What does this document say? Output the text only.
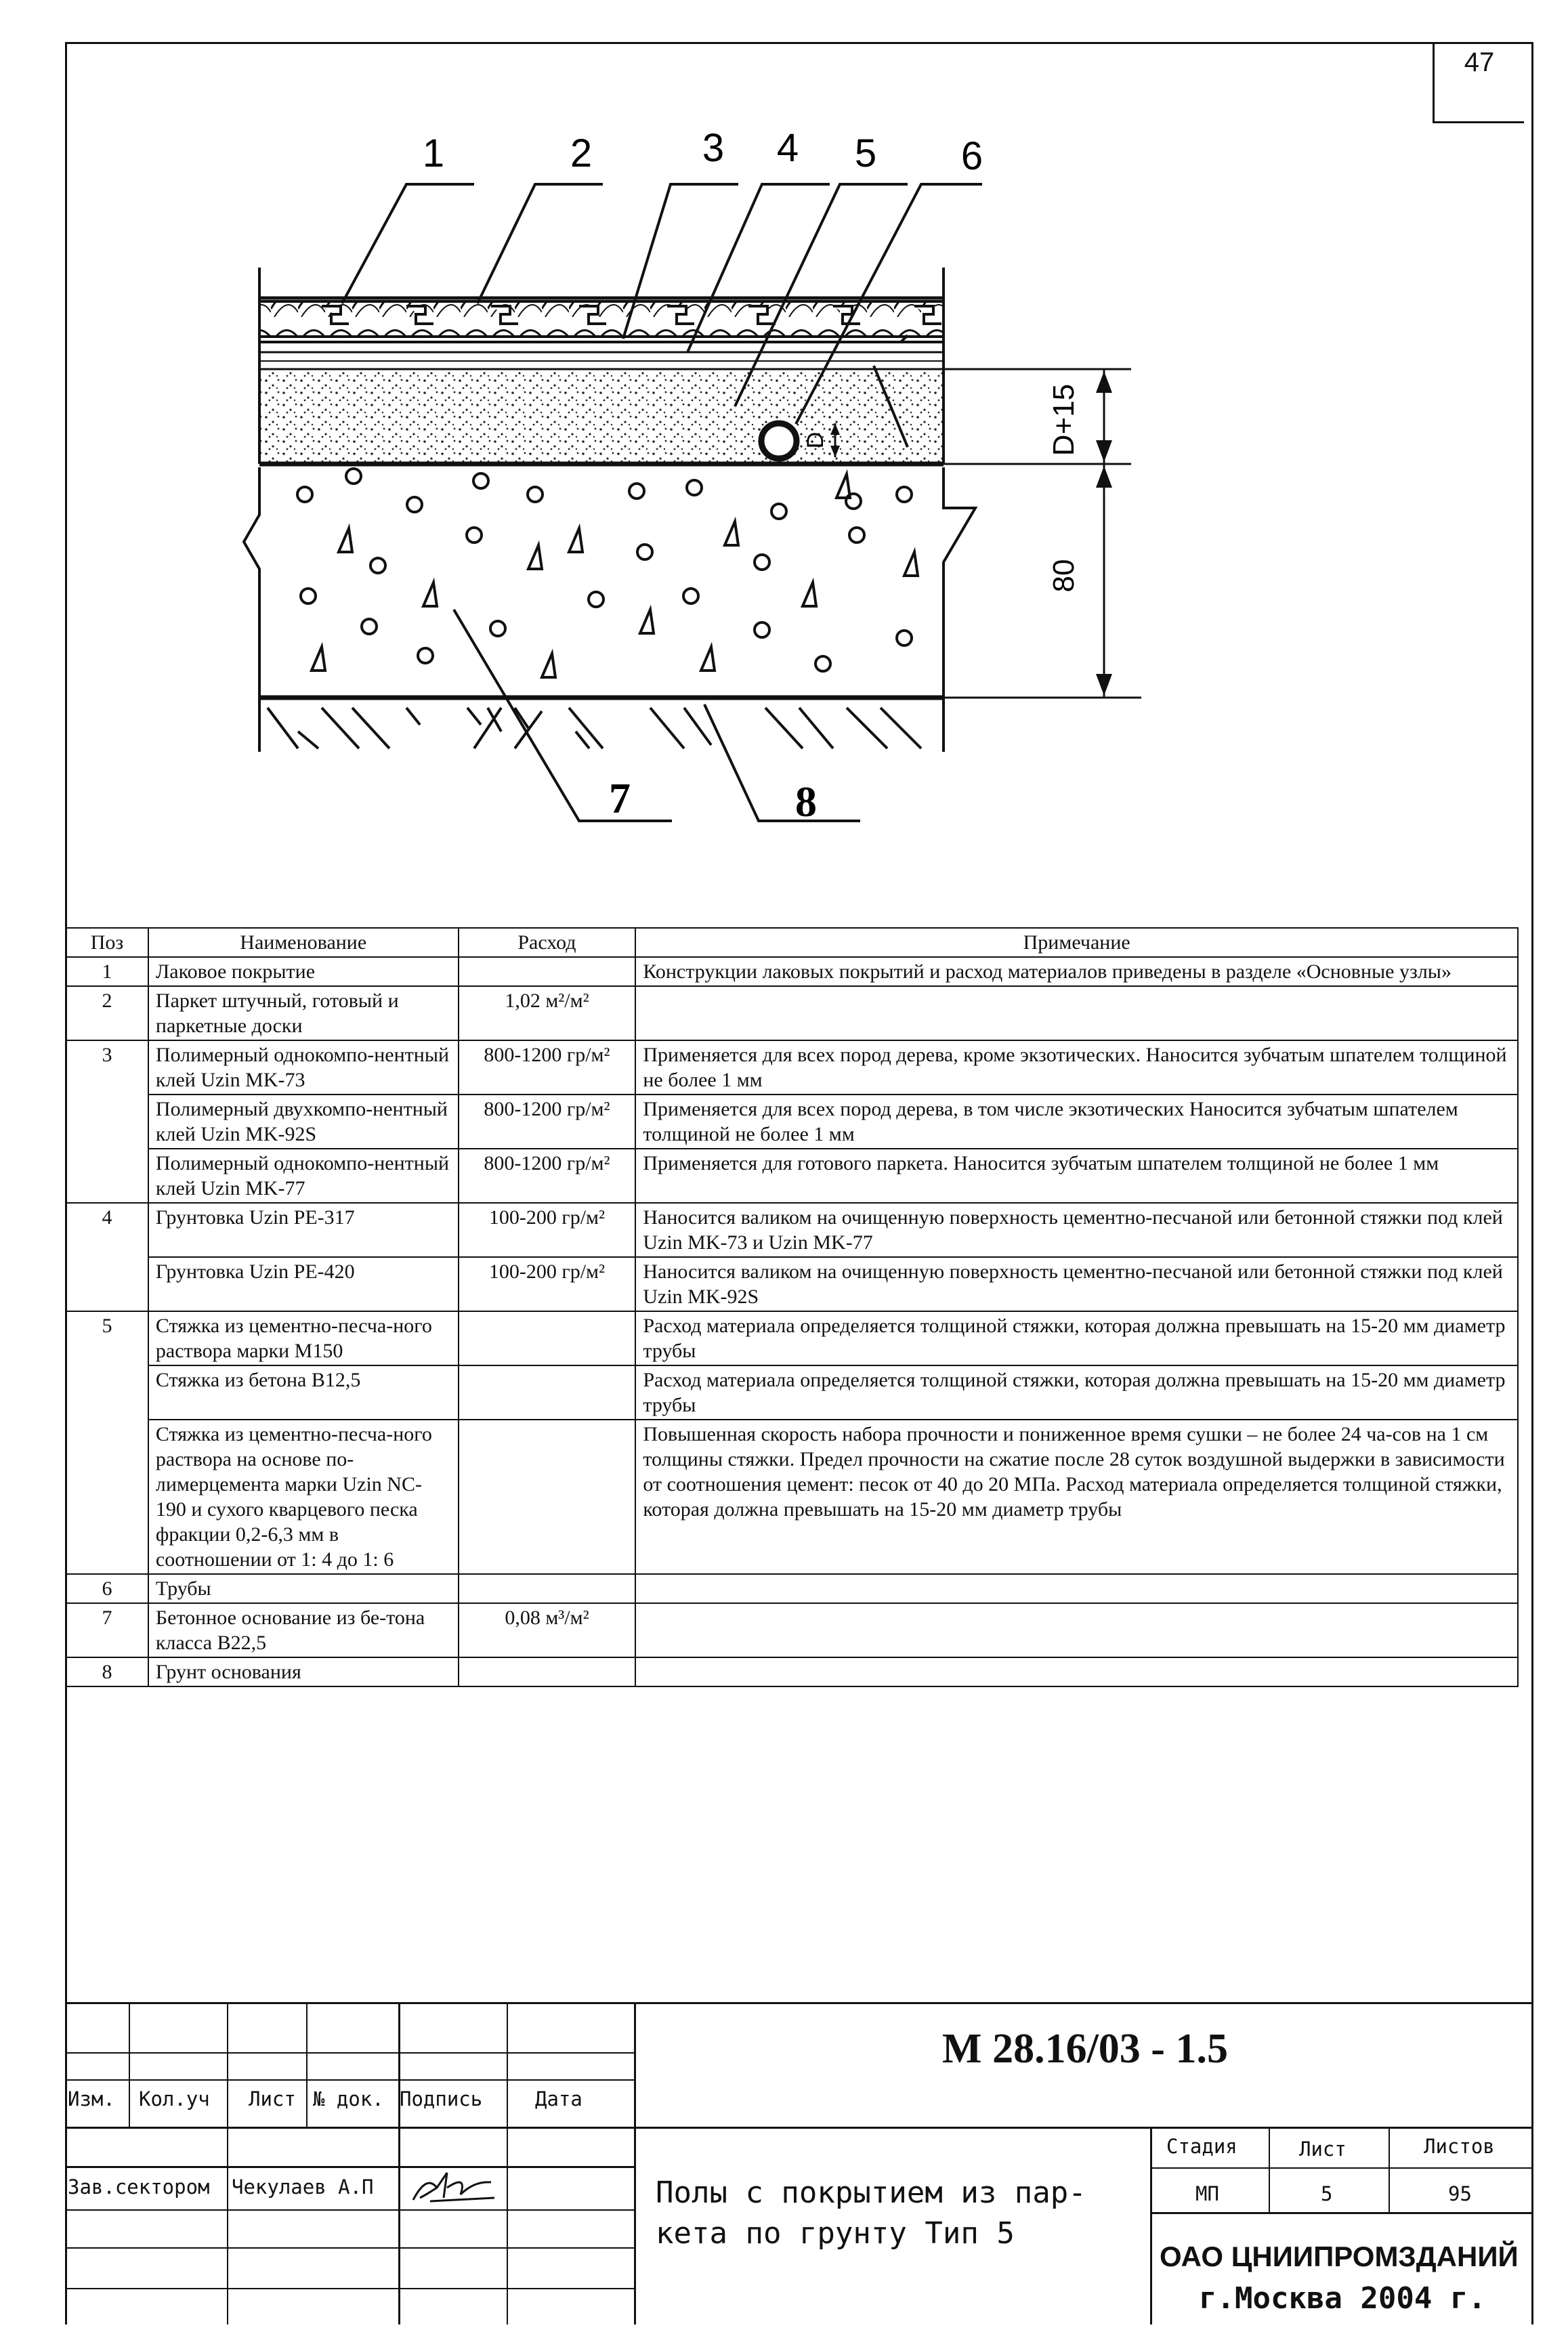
47
1	2	3 4 5 6
7	8
D+15
80
D
Поз	Наименование	Расход	Примечание
1	Лаковое покрытие		Конструкции лаковых покрытий и расход материалов приведены в разделе «Основные узлы»
2	Паркет штучный, готовый и паркетные доски	1,02 м²/м²	
3	Полимерный однокомпо-нентный клей Uzin MK-73	800-1200 гр/м²	Применяется для всех пород дерева, кроме экзотических. Наносится зубчатым шпателем толщиной не более 1 мм
	Полимерный двухкомпо-нентный клей Uzin MK-92S	800-1200 гр/м²	Применяется для всех пород дерева, в том числе экзотических Наносится зубчатым шпателем толщиной не более 1 мм
	Полимерный однокомпо-нентный клей Uzin MK-77	800-1200 гр/м²	Применяется для готового паркета. Наносится зубчатым шпателем толщиной не более 1 мм
4	Грунтовка Uzin PE-317	100-200 гр/м²	Наносится валиком на очищенную поверхность цементно-песчаной или бетонной стяжки под клей Uzin MK-73 и Uzin MK-77
	Грунтовка Uzin PE-420	100-200 гр/м²	Наносится валиком на очищенную поверхность цементно-песчаной или бетонной стяжки под клей Uzin MK-92S
5	Стяжка из цементно-песча-ного раствора марки М150		Расход материала определяется толщиной стяжки, которая должна превышать на 15-20 мм диаметр трубы
	Стяжка из бетона В12,5		Расход материала определяется толщиной стяжки, которая должна превышать на 15-20 мм диаметр трубы
	Стяжка из цементно-песча-ного раствора на основе по-лимерцемента марки Uzin NC-190 и сухого кварцевого песка фракции 0,2-6,3 мм в соотношении от 1: 4 до 1: 6		Повышенная скорость набора прочности и пониженное время сушки – не более 24 ча-сов на 1 см толщины стяжки. Предел прочности на сжатие после 28 суток воздушной выдержки в зависимости от соотношения цемент: песок от 40 до 20 МПа. Расход материала определяется толщиной стяжки, которая должна превышать на 15-20 мм диаметр трубы
6	Трубы		
7	Бетонное основание из бе-тона класса В22,5	0,08 м³/м²	
8	Грунт основания		
Изм. Кол.уч Лист № док. Подпись	Дата
Зав.сектором Чекулаев А.П
М 28.16/03 - 1.5
Полы с покрытием из пар-
кета по грунту Тип 5
Стадия	Лист	Листов
МП	5	95
ОАО ЦНИИПРОМЗДАНИЙ
г.Москва 2004 г.
